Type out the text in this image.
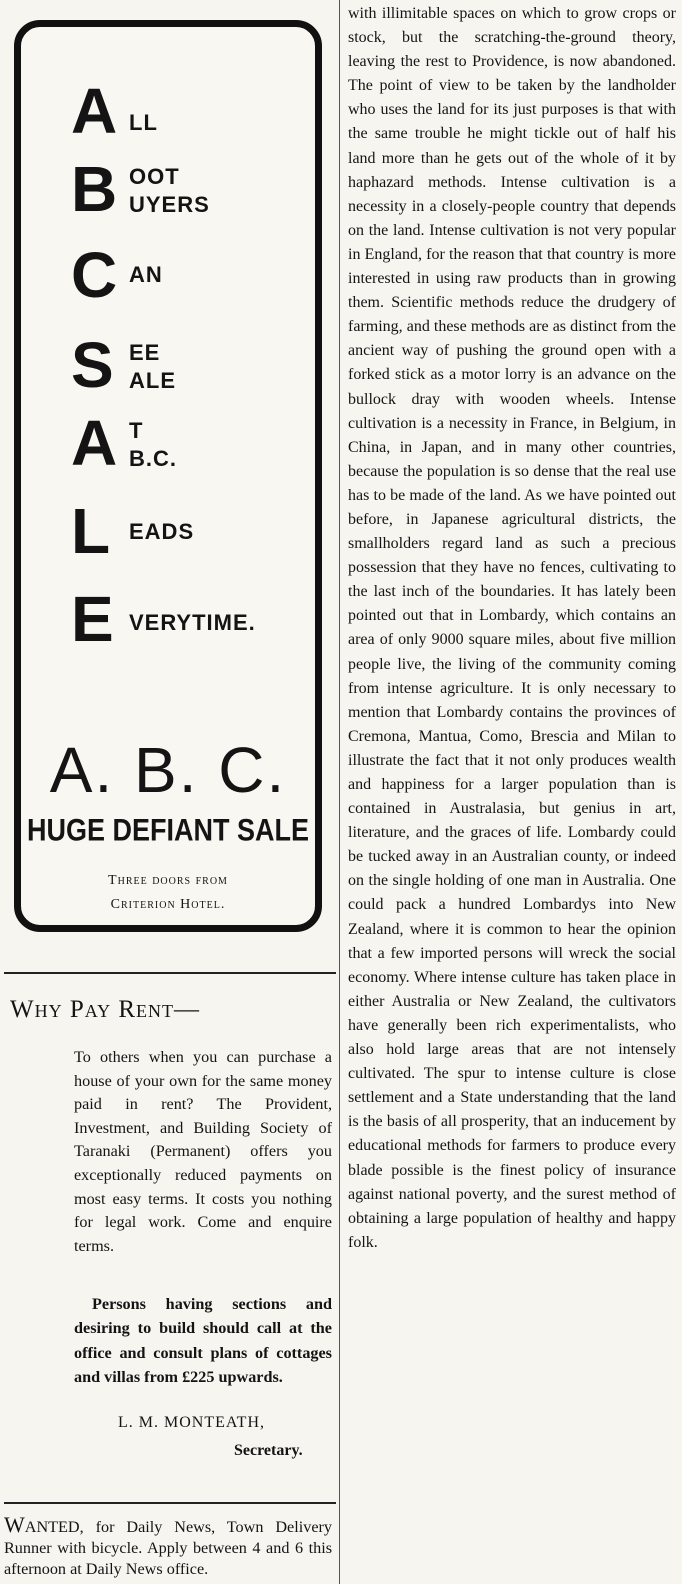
A LL
B OOT
UYERS
C AN
S EE
ALE
A T
B.C.
L EADS
E VERYTIME.
A. B. C.
HUGE DEFIANT SALE
Three doors from
Criterion Hotel.
Why Pay Rent—

To others when you can purchase a house of your own for the same money paid in rent? The Provident, Investment, and Building Society of Taranaki (Permanent) offers you exceptionally reduced payments on most easy terms. It costs you nothing for legal work. Come and enquire terms.

Persons having sections and desiring to build should call at the office and consult plans of cottages and villas from £225 upwards.

L. M. MONTEATH,
Secretary.

WANTED, for Daily News, Town Delivery Runner with bicycle. Apply between 4 and 6 this afternoon at Daily News office.

with illimitable spaces on which to grow crops or stock, but the scratching-the-ground theory, leaving the rest to Providence, is now abandoned. The point of view to be taken by the landholder who uses the land for its just purposes is that with the same trouble he might tickle out of half his land more than he gets out of the whole of it by haphazard methods. Intense cultivation is a necessity in a closely-people country that depends on the land. Intense cultivation is not very popular in England, for the reason that that country is more interested in using raw products than in growing them. Scientific methods reduce the drudgery of farming, and these methods are as distinct from the ancient way of pushing the ground open with a forked stick as a motor lorry is an advance on the bullock dray with wooden wheels. Intense cultivation is a necessity in France, in Belgium, in China, in Japan, and in many other countries, because the population is so dense that the real use has to be made of the land. As we have pointed out before, in Japanese agricultural districts, the smallholders regard land as such a precious possession that they have no fences, cultivating to the last inch of the boundaries. It has lately been pointed out that in Lombardy, which contains an area of only 9000 square miles, about five million people live, the living of the community coming from intense agriculture. It is only necessary to mention that Lombardy contains the provinces of Cremona, Mantua, Como, Brescia and Milan to illustrate the fact that it not only produces wealth and happiness for a larger population than is contained in Australasia, but genius in art, literature, and the graces of life. Lombardy could be tucked away in an Australian county, or indeed on the single holding of one man in Australia. One could pack a hundred Lombardys into New Zealand, where it is common to hear the opinion that a few imported persons will wreck the social economy. Where intense culture has taken place in either Australia or New Zealand, the cultivators have generally been rich experimentalists, who also hold large areas that are not intensely cultivated. The spur to intense culture is close settlement and a State understanding that the land is the basis of all prosperity, that an inducement by educational methods for farmers to produce every blade possible is the finest policy of insurance against national poverty, and the surest method of obtaining a large population of healthy and happy folk.
